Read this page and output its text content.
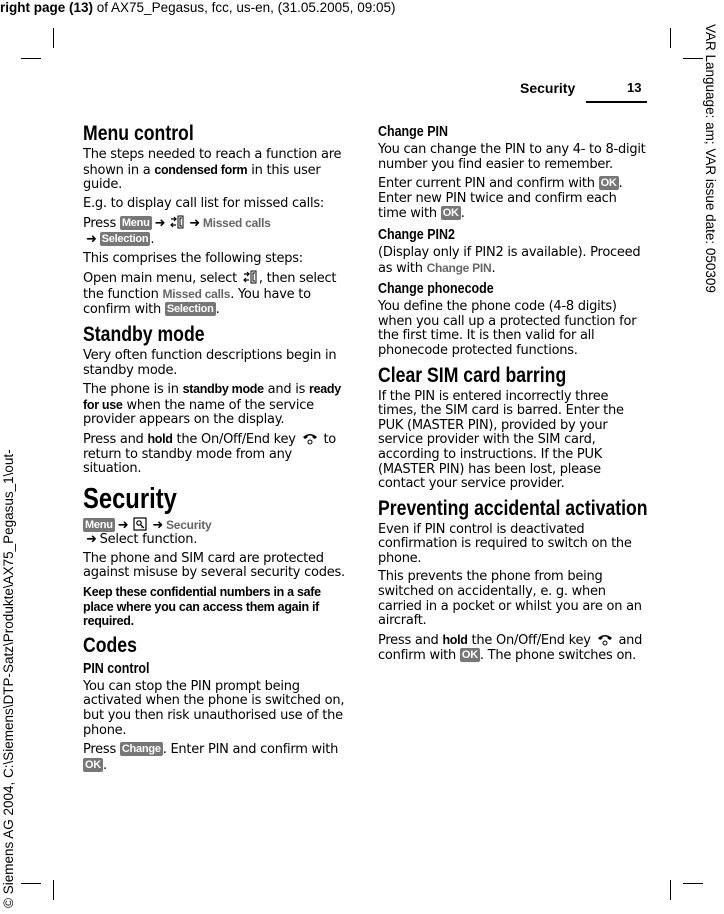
right page (13) of AX75_Pegasus, fcc, us-en, (31.05.2005, 09:05)
VAR Language: am; VAR issue date: 050309
© Siemens AG 2004, C:\Siemens\DTP-Satz\Produkte\AX75_Pegasus_1\out-
Security	13
Menu control
The steps needed to reach a function are shown in a condensed form in this user guide.
E.g. to display call list for missed calls:
Press Menu ➜ ➜ Missed calls
➜ Selection .
This comprises the following steps:
Open main menu, select , then select the function Missed calls. You have to confirm with Selection .
Standby mode
Very often function descriptions begin in standby mode.
The phone is in standby mode and is ready for use when the name of the service provider appears on the display.
Press and hold the On/Off/End key  to return to standby mode from any situation.
Security
Menu ➜ ➜ Security
➜ Select function.
The phone and SIM card are protected against misuse by several security codes.
Keep these confidential numbers in a safe place where you can access them again if required.
Codes
PIN control
You can stop the PIN prompt being activated when the phone is switched on, but you then risk unauthorised use of the phone.
Press Change . Enter PIN and confirm with OK .
Change PIN
You can change the PIN to any 4- to 8-digit number you find easier to remember.
Enter current PIN and confirm with OK . Enter new PIN twice and confirm each time with OK .
Change PIN2
(Display only if PIN2 is available). Proceed as with Change PIN.
Change phonecode
You define the phone code (4-8 digits) when you call up a protected function for the first time. It is then valid for all phonecode protected functions.
Clear SIM card barring
If the PIN is entered incorrectly three times, the SIM card is barred. Enter the PUK (MASTER PIN), provided by your service provider with the SIM card, according to instructions. If the PUK (MASTER PIN) has been lost, please contact your service provider.
Preventing accidental activation
Even if PIN control is deactivated confirmation is required to switch on the phone.
This prevents the phone from being switched on accidentally, e. g. when carried in a pocket or whilst you are on an aircraft.
Press and hold the On/Off/End key  and confirm with OK . The phone switches on.
